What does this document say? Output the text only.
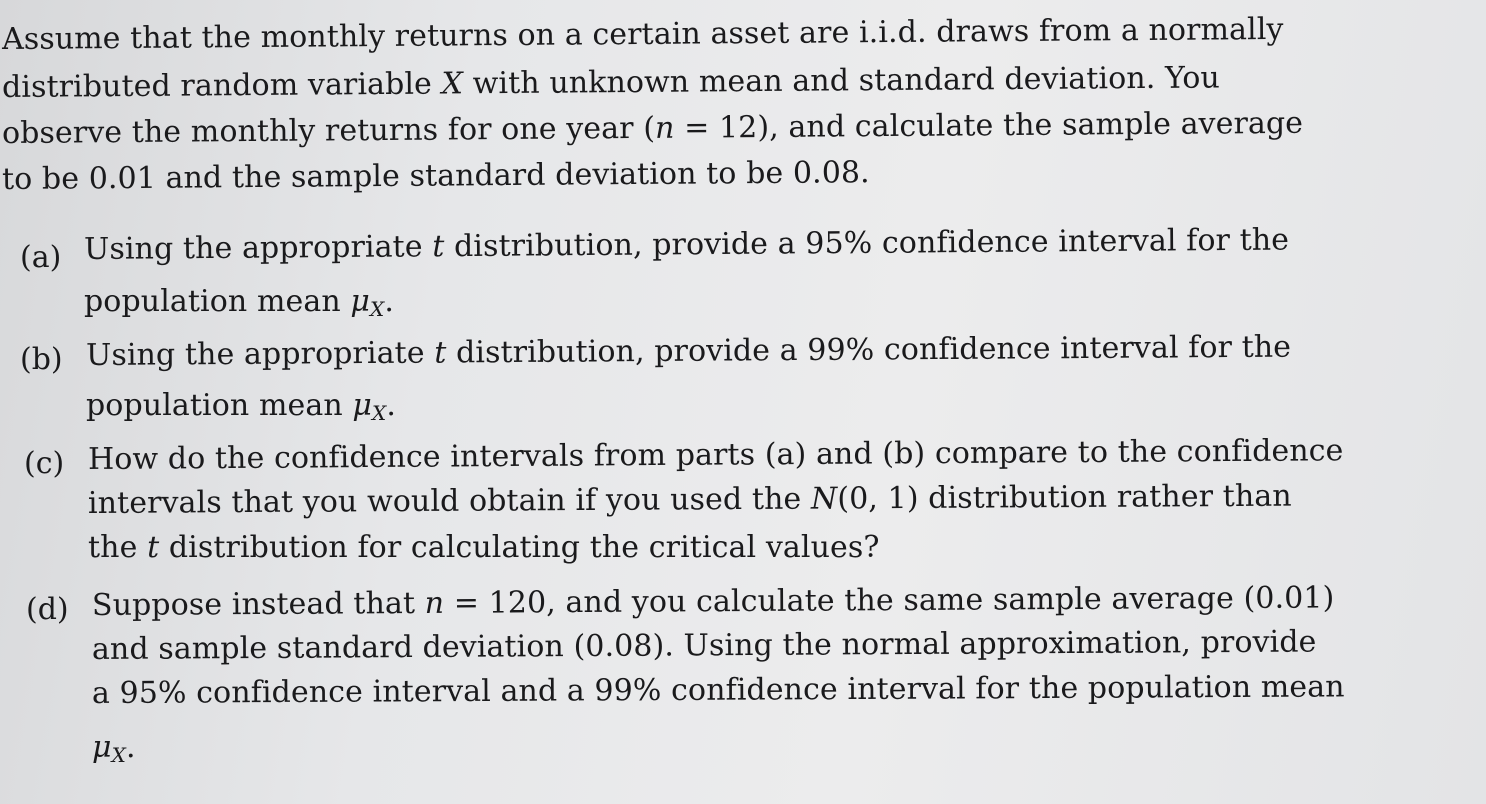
Assume that the monthly returns on a certain asset are i.i.d. draws from a normally
distributed random variable X with unknown mean and standard deviation. You
observe the monthly returns for one year (n = 12), and calculate the sample average
to be 0.01 and the sample standard deviation to be 0.08.
(a) Using the appropriate t distribution, provide a 95% confidence interval for the
population mean $\mu_X$.
(b) Using the appropriate t distribution, provide a 99% confidence interval for the
population mean $\mu_X$.
(c) How do the confidence intervals from parts (a) and (b) compare to the confidence
intervals that you would obtain if you used the N(0, 1) distribution rather than
the t distribution for calculating the critical values?
(d) Suppose instead that n = 120, and you calculate the same sample average (0.01)
and sample standard deviation (0.08). Using the normal approximation, provide
a 95% confidence interval and a 99% confidence interval for the population mean
$\mu_X$.
